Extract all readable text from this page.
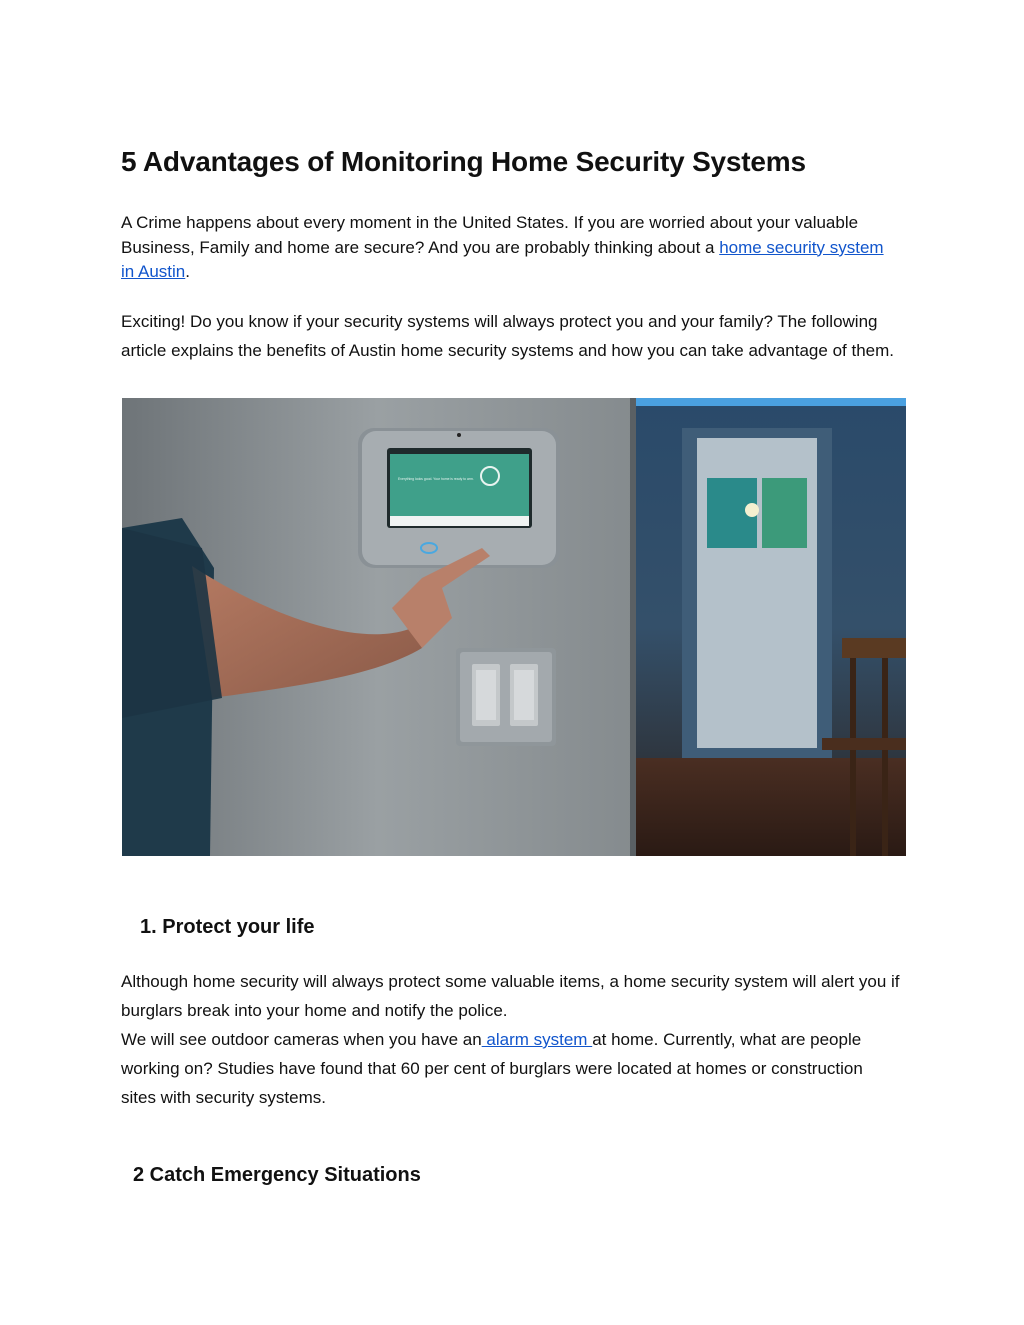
5 Advantages of Monitoring Home Security Systems

A Crime happens about every moment in the United States. If you are worried about your valuable Business, Family and home are secure? And you are probably thinking about a home security system in Austin.

Exciting! Do you know if your security systems will always protect you and your family? The following article explains the benefits of Austin home security systems and how you can take advantage of them.

Everything looks good. Your home is ready to arm.
1. Protect your life

Although home security will always protect some valuable items, a home security system will alert you if burglars break into your home and notify the police.
We will see outdoor cameras when you have an alarm system at home. Currently, what are people working on? Studies have found that 60 per cent of burglars were located at homes or construction sites with security systems.

2 Catch Emergency Situations
